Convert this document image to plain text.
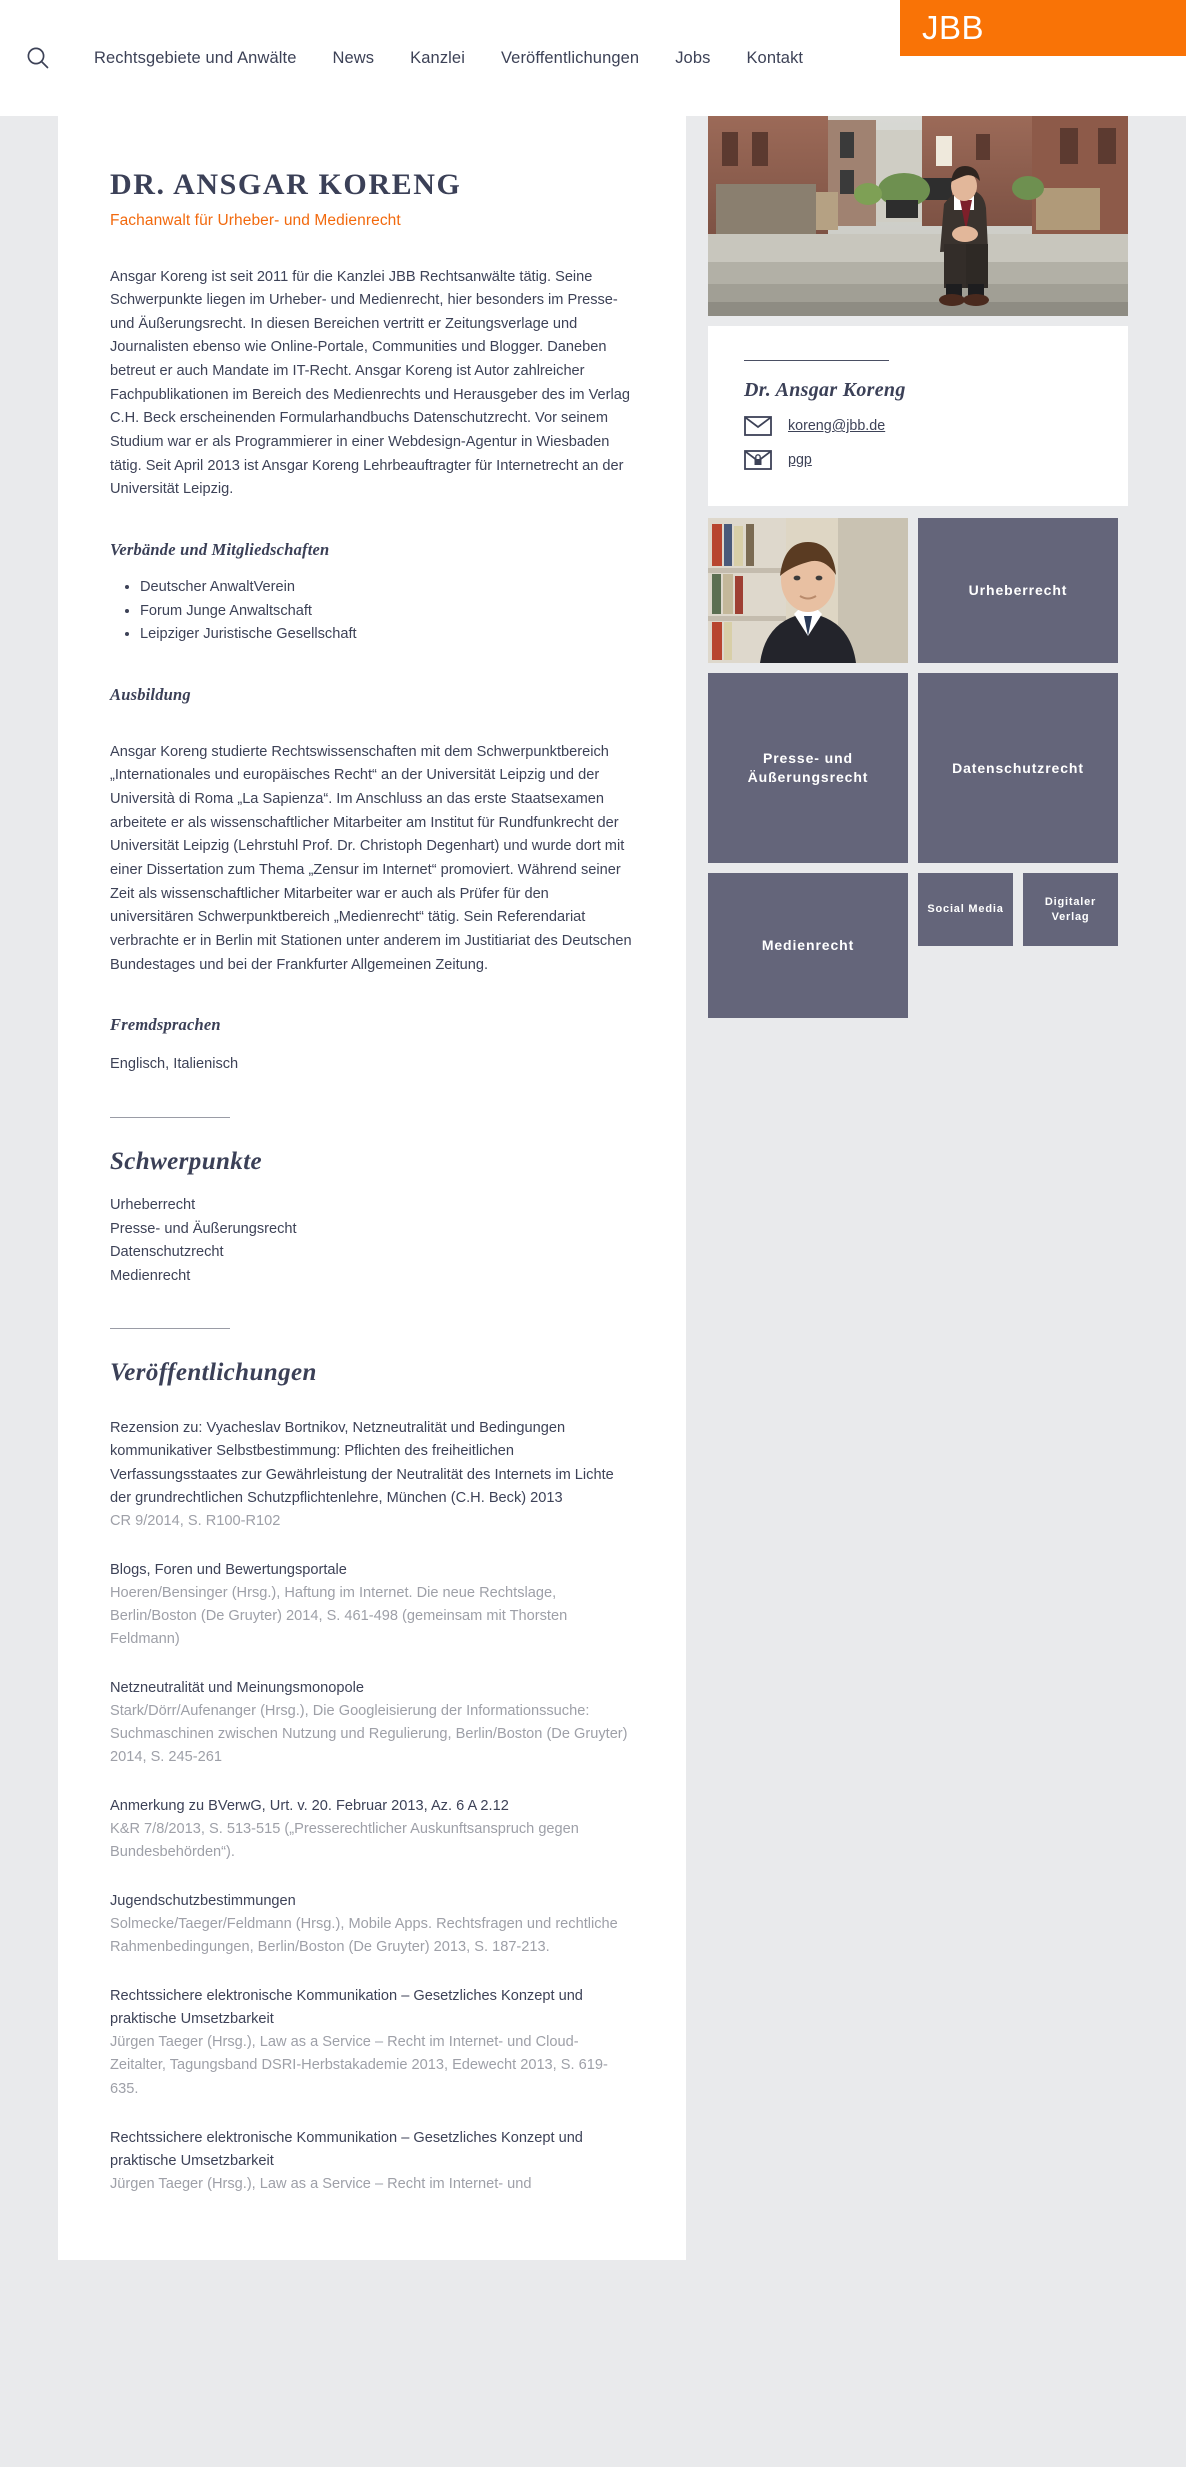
Rechtsgebiete und Anwälte	News	Kanzlei	Veröffentlichungen	Jobs	Kontakt
JBB
DR. ANSGAR KORENG
Fachanwalt für Urheber- und Medienrecht

Ansgar Koreng ist seit 2011 für die Kanzlei JBB Rechtsanwälte tätig. Seine Schwerpunkte liegen im Urheber- und Medienrecht, hier besonders im Presse- und Äußerungsrecht. In diesen Bereichen vertritt er Zeitungsverlage und Journalisten ebenso wie Online-Portale, Communities und Blogger. Daneben betreut er auch Mandate im IT-Recht. Ansgar Koreng ist Autor zahlreicher Fachpublikationen im Bereich des Medienrechts und Herausgeber des im Verlag C.H. Beck erscheinenden Formularhandbuchs Datenschutzrecht. Vor seinem Studium war er als Programmierer in einer Webdesign-Agentur in Wiesbaden tätig. Seit April 2013 ist Ansgar Koreng Lehrbeauftragter für Internetrecht an der Universität Leipzig.

Verbände und Mitgliedschaften
• Deutscher AnwaltVerein
• Forum Junge Anwaltschaft
• Leipziger Juristische Gesellschaft
Ausbildung

Ansgar Koreng studierte Rechtswissenschaften mit dem Schwerpunktbereich „Internationales und europäisches Recht“ an der Universität Leipzig und der Università di Roma „La Sapienza“. Im Anschluss an das erste Staatsexamen arbeitete er als wissenschaftlicher Mitarbeiter am Institut für Rundfunkrecht der Universität Leipzig (Lehrstuhl Prof. Dr. Christoph Degenhart) und wurde dort mit einer Dissertation zum Thema „Zensur im Internet“ promoviert. Während seiner Zeit als wissenschaftlicher Mitarbeiter war er auch als Prüfer für den universitären Schwerpunktbereich „Medienrecht“ tätig. Sein Referendariat verbrachte er in Berlin mit Stationen unter anderem im Justitiariat des Deutschen Bundestages und bei der Frankfurter Allgemeinen Zeitung.

Fremdsprachen
Englisch, Italienisch
Schwerpunkte
Urheberrecht
Presse- und Äußerungsrecht
Datenschutzrecht
Medienrecht
Veröffentlichungen
Rezension zu: Vyacheslav Bortnikov, Netzneutralität und Bedingungen kommunikativer Selbstbestimmung: Pflichten des freiheitlichen Verfassungsstaates zur Gewährleistung der Neutralität des Internets im Lichte der grundrechtlichen Schutzpflichtenlehre, München (C.H. Beck) 2013
CR 9/2014, S. R100-R102
Blogs, Foren und Bewertungsportale
Hoeren/Bensinger (Hrsg.), Haftung im Internet. Die neue Rechtslage, Berlin/Boston (De Gruyter) 2014, S. 461-498 (gemeinsam mit Thorsten Feldmann)
Netzneutralität und Meinungsmonopole
Stark/Dörr/Aufenanger (Hrsg.), Die Googleisierung der Informationssuche: Suchmaschinen zwischen Nutzung und Regulierung, Berlin/Boston (De Gruyter) 2014, S. 245-261
Anmerkung zu BVerwG, Urt. v. 20. Februar 2013, Az. 6 A 2.12
K&R 7/8/2013, S. 513-515 („Presserechtlicher Auskunftsanspruch gegen Bundesbehörden“).
Jugendschutzbestimmungen
Solmecke/Taeger/Feldmann (Hrsg.), Mobile Apps. Rechtsfragen und rechtliche Rahmenbedingungen, Berlin/Boston (De Gruyter) 2013, S. 187-213.
Rechtssichere elektronische Kommunikation – Gesetzliches Konzept und praktische Umsetzbarkeit
Jürgen Taeger (Hrsg.), Law as a Service – Recht im Internet- und Cloud-Zeitalter, Tagungsband DSRI-Herbstakademie 2013, Edewecht 2013, S. 619-635.
Rechtssichere elektronische Kommunikation – Gesetzliches Konzept und praktische Umsetzbarkeit
Jürgen Taeger (Hrsg.), Law as a Service – Recht im Internet- und
Dr. Ansgar Koreng
koreng@jbb.de
pgp
Urheberrecht
Presse- und Äußerungsrecht
Datenschutzrecht
Medienrecht
Social Media
Digitaler Verlag
